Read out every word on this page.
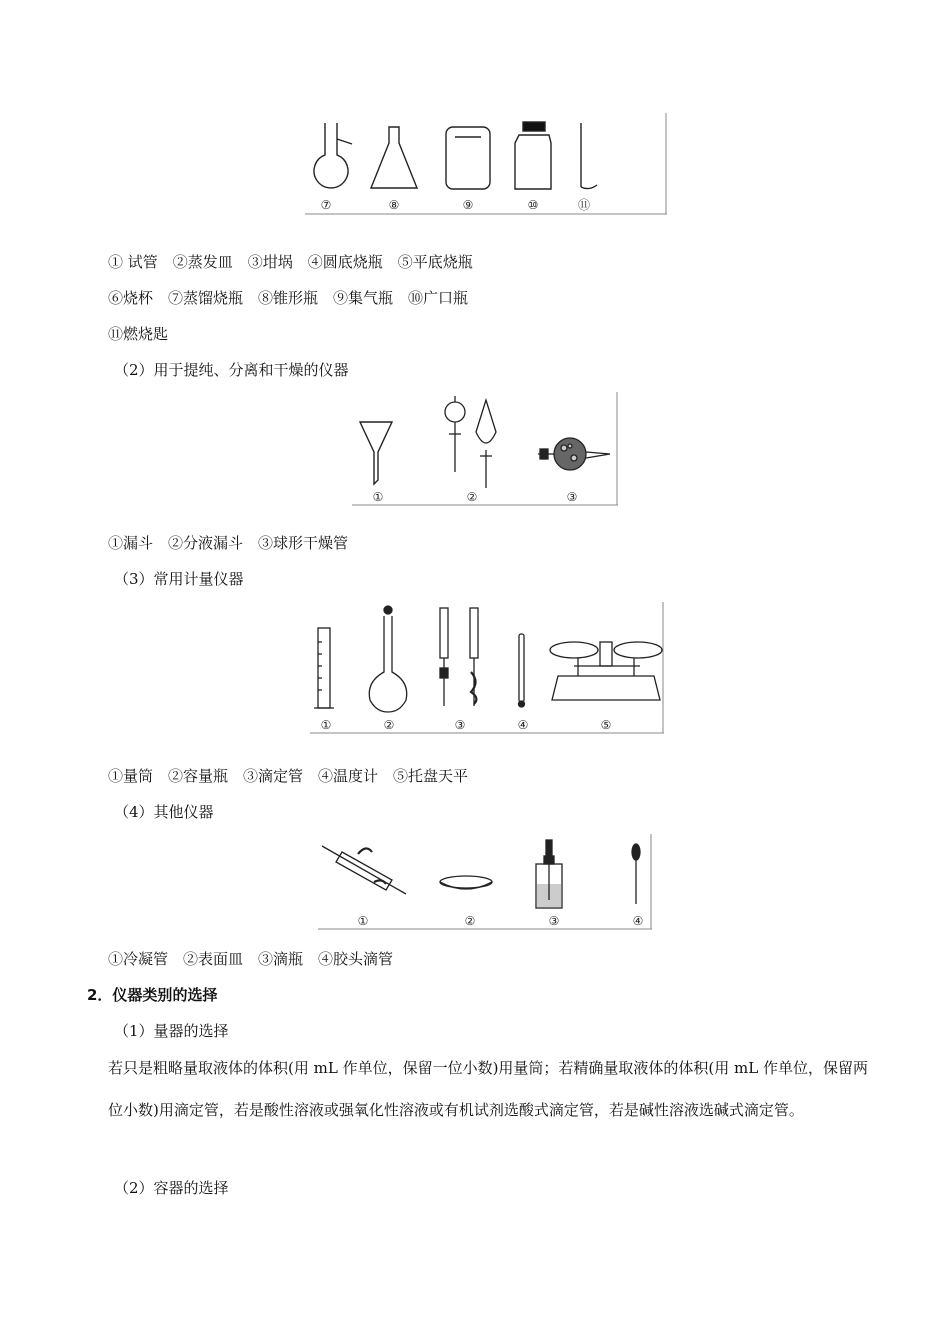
⑦	⑧	⑨	⑩	⑪
① 试管　②蒸发皿　③坩埚　④圆底烧瓶　⑤平底烧瓶
⑥烧杯　⑦蒸馏烧瓶　⑧锥形瓶　⑨集气瓶　⑩广口瓶
⑪燃烧匙
（2）用于提纯、分离和干燥的仪器
①	②	③
①漏斗　②分液漏斗　③球形干燥管
（3）常用计量仪器
①	②	③	④	⑤
①量筒　②容量瓶　③滴定管　④温度计　⑤托盘天平
（4）其他仪器
①	②	③	④
①冷凝管　②表面皿　③滴瓶　④胶头滴管
2．仪器类别的选择
（1）量器的选择
若只是粗略量取液体的体积(用 mL 作单位，保留一位小数)用量筒；若精确量取液体的体积(用 mL 作单位，保留两位小数)用滴定管，若是酸性溶液或强氧化性溶液或有机试剂选酸式滴定管，若是碱性溶液选碱式滴定管。
（2）容器的选择
